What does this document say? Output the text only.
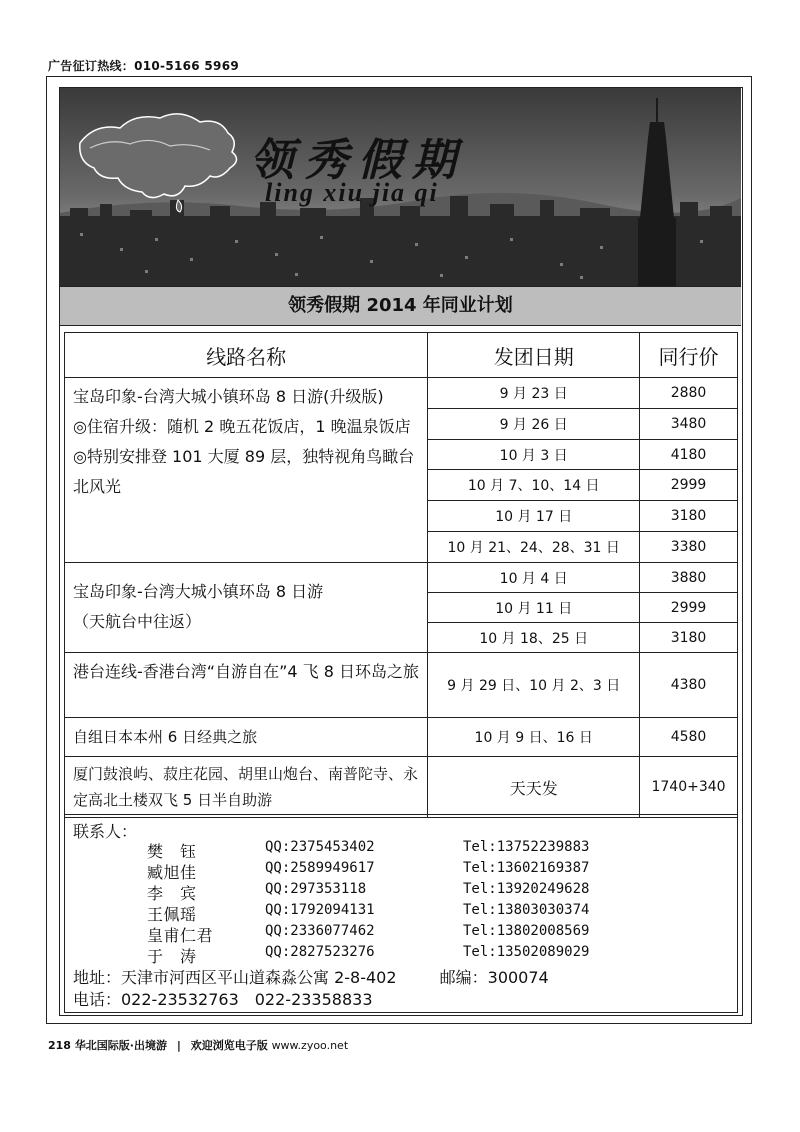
广告征订热线：010-5166 5969
领秀假期
ling xiu jia qi
领秀假期 2014 年同业计划
线路名称	发团日期	同行价

宝岛印象-台湾大城小镇环岛 8 日游(升级版)
◎住宿升级：随机 2 晚五花饭店，1 晚温泉饭店
◎特别安排登 101 大厦 89 层，独特视角鸟瞰台北风光	9 月 23 日	2880
	9 月 26 日	3480
	10 月 3 日	4180
	10 月 7、10、14 日	2999
	10 月 17 日	3180
	10 月 21、24、28、31 日	3380

宝岛印象-台湾大城小镇环岛 8 日游
（天航台中往返）	10 月 4 日	3880
	10 月 11 日	2999
	10 月 18、25 日	3180

港台连线-香港台湾“自游自在”4 飞 8 日环岛之旅	9 月 29 日、10 月 2、3 日	4380

自组日本本州 6 日经典之旅	10 月 9 日、16 日	4580

厦门鼓浪屿、菽庄花园、胡里山炮台、南普陀寺、永定高北土楼双飞 5 日半自助游	天天发	1740+340
联系人：
樊　钰	QQ:2375453402	Tel:13752239883
臧旭佳	QQ:2589949617	Tel:13602169387
李　宾	QQ:297353118	Tel:13920249628
王佩瑶	QQ:1792094131	Tel:13803030374
皇甫仁君	QQ:2336077462	Tel:13802008569
于　涛	QQ:2827523276	Tel:13502089029
地址：天津市河西区平山道森淼公寓 2-8-402	邮编：300074
电话：022-23532763　022-23358833
218 华北国际版·出境游 | 欢迎浏览电子版 www.zyoo.net
